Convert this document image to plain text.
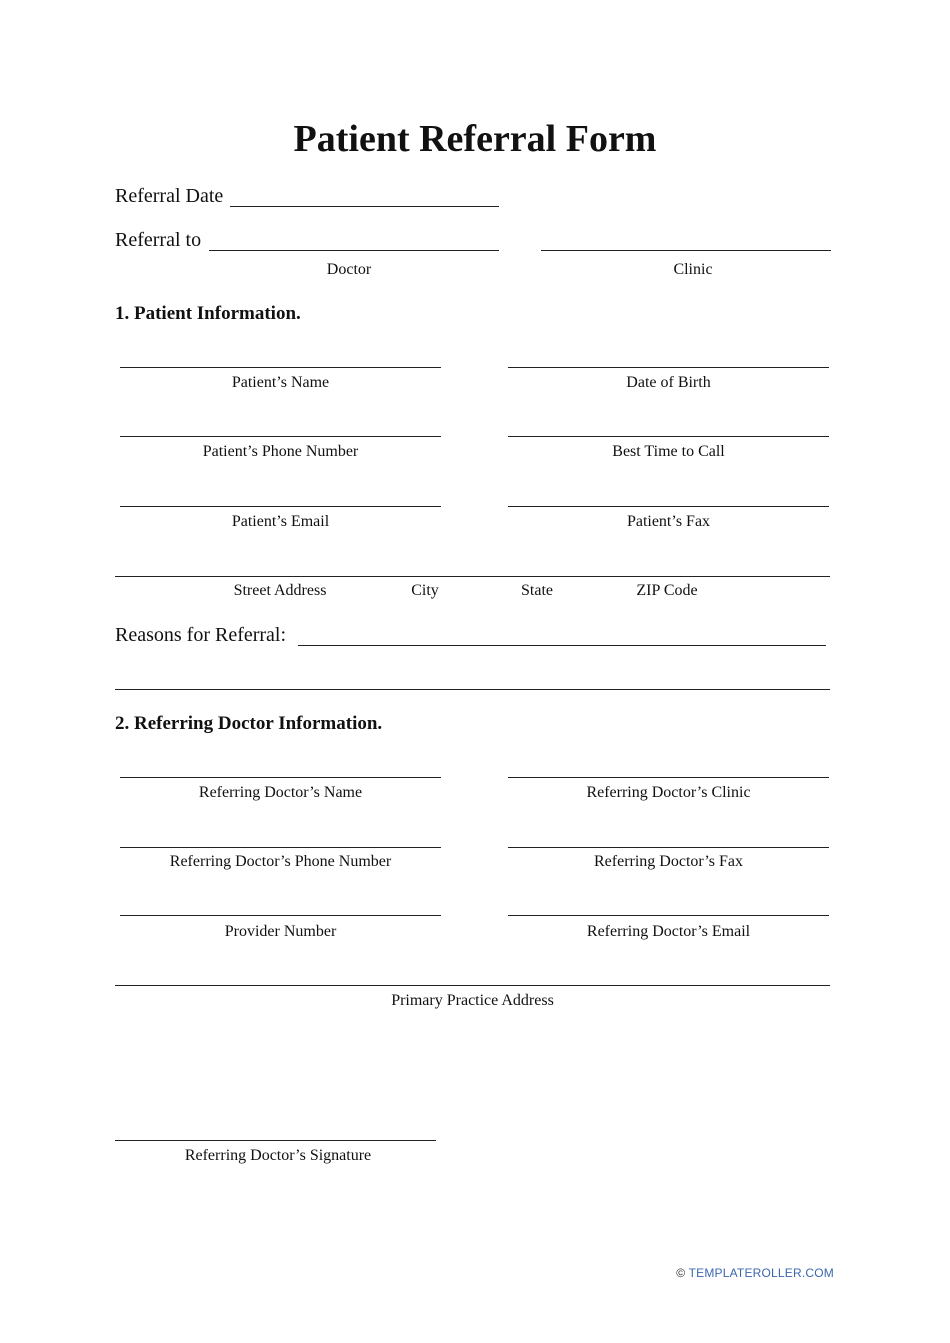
Patient Referral Form
Referral Date
Referral to
Doctor	Clinic
1. Patient Information.
Patient’s Name	Date of Birth
Patient’s Phone Number	Best Time to Call
Patient’s Email	Patient’s Fax
Street Address	City	State	ZIP Code
Reasons for Referral:
2. Referring Doctor Information.
Referring Doctor’s Name	Referring Doctor’s Clinic
Referring Doctor’s Phone Number	Referring Doctor’s Fax
Provider Number	Referring Doctor’s Email
Primary Practice Address
Referring Doctor’s Signature
© TEMPLATEROLLER.COM
